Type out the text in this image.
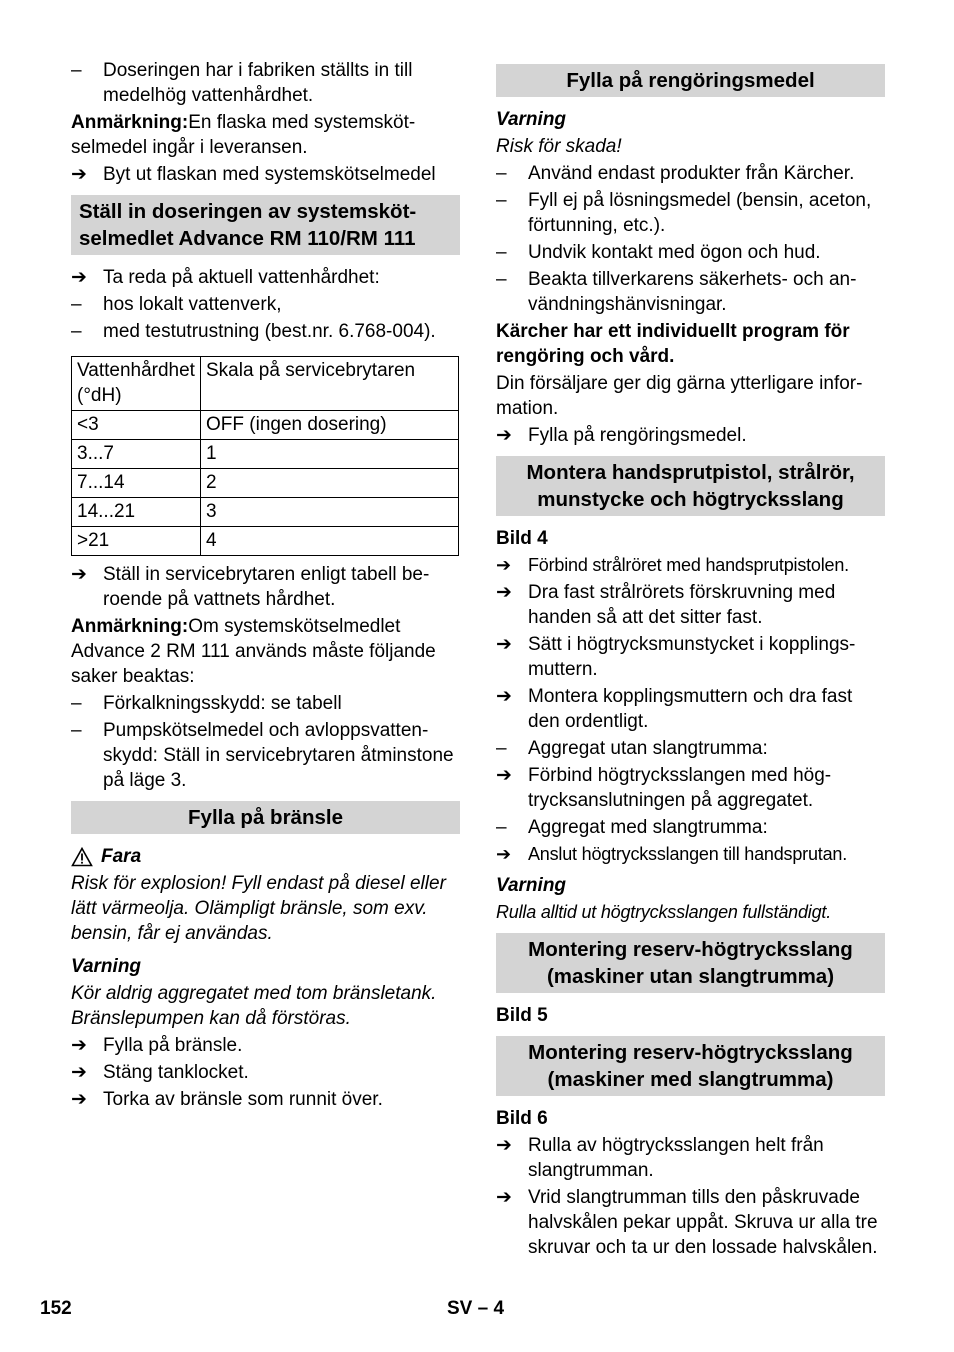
–	Doseringen har i fabriken ställts in till medelhög vattenhårdhet.
Anmärkning:En flaska med systemskötselmedel ingår i leveransen.
➔ Byt ut flaskan med systemskötselmedel
Ställ in doseringen av systemskötselmedlet Advance RM 110/RM 111
➔ Ta reda på aktuell vattenhårdhet:
–	hos lokalt vattenverk,
–	med testutrustning (best.nr. 6.768-004).
Vattenhårdhet (°dH)	Skala på servicebrytaren
<3	OFF (ingen dosering)
3...7	1
7...14	2
14...21	3
>21	4
➔ Ställ in servicebrytaren enligt tabell beroende på vattnets hårdhet.
Anmärkning:Om systemskötselmedlet Advance 2 RM 111 används måste följande saker beaktas:
–	Förkalkningsskydd: se tabell
–	Pumpskötselmedel och avloppsvattenskydd: Ställ in servicebrytaren åtminstone på läge 3.
Fylla på bränsle
Fara
Risk för explosion! Fyll endast på diesel eller lätt värmeolja. Olämpligt bränsle, som exv. bensin, får ej användas.
Varning
Kör aldrig aggregatet med tom bränsletank. Bränslepumpen kan då förstöras.
➔ Fylla på bränsle.
➔ Stäng tanklocket.
➔ Torka av bränsle som runnit över.
Fylla på rengöringsmedel
Varning
Risk för skada!
–	Använd endast produkter från Kärcher.
–	Fyll ej på lösningsmedel (bensin, aceton, förtunning, etc.).
–	Undvik kontakt med ögon och hud.
–	Beakta tillverkarens säkerhets- och användningshänvisningar.
Kärcher har ett individuellt program för rengöring och vård.
Din försäljare ger dig gärna ytterligare information.
➔ Fylla på rengöringsmedel.
Montera handsprutpistol, strålrör, munstycke och högtrycksslang
Bild 4
➔ Förbind strålröret med handsprutpistolen.
➔ Dra fast strålrörets förskruvning med handen så att det sitter fast.
➔ Sätt i högtrycksmunstycket i kopplingsmuttern.
➔ Montera kopplingsmuttern och dra fast den ordentligt.
–	Aggregat utan slangtrumma:
➔ Förbind högtrycksslangen med högtrycksanslutningen på aggregatet.
–	Aggregat med slangtrumma:
➔ Anslut högtrycksslangen till handsprutan.
Varning
Rulla alltid ut högtrycksslangen fullständigt.
Montering reserv-högtrycksslang (maskiner utan slangtrumma)
Bild 5
Montering reserv-högtrycksslang (maskiner med slangtrumma)
Bild 6
➔ Rulla av högtrycksslangen helt från slangtrumman.
➔ Vrid slangtrumman tills den påskruvade halvskålen pekar uppåt. Skruva ur alla tre skruvar och ta ur den lossade halvskålen.
152	SV – 4
